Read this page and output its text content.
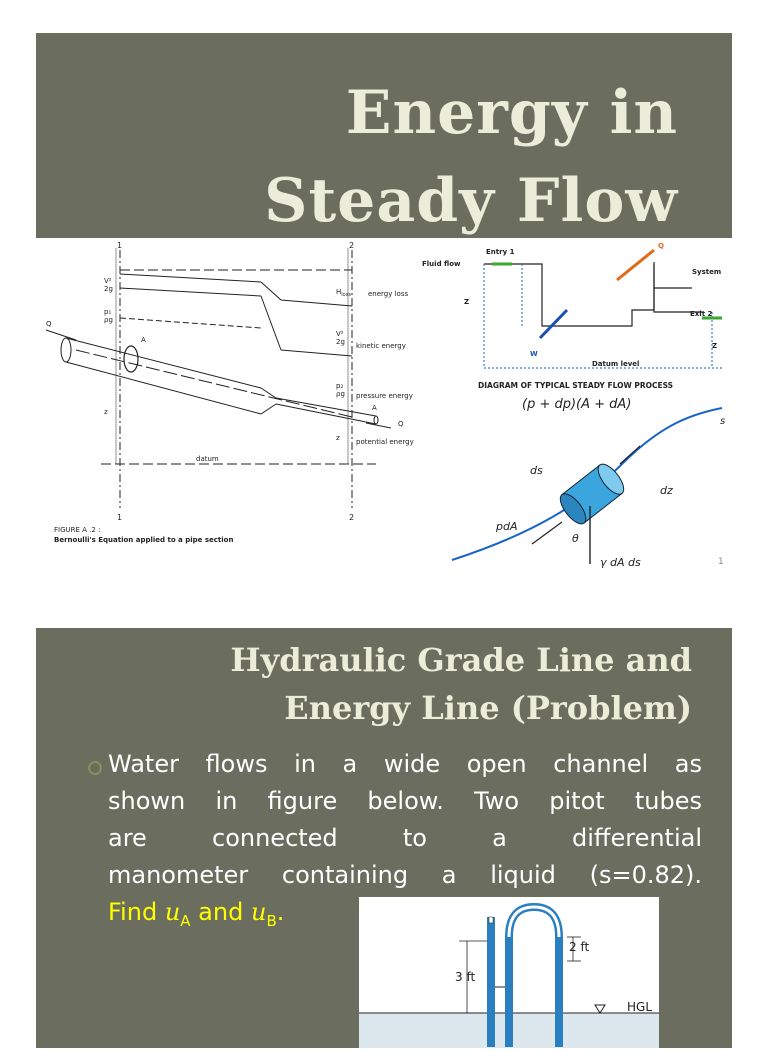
Energy in
Steady Flow
1	2
1	2
V²
2g
p₁
ρg
$H_{loss}$ energy loss
V²
2g kinetic energy
p₂
ρg pressure energy
z potential energy
z
datum
Q
A
A
Q
FIGURE A .2 :
Bernoulli's Equation applied to a pipe section
Fluid flow
Entry 1
Exit 2
System
Q
W
Z
Z
Datum level
DIAGRAM OF TYPICAL STEADY FLOW PROCESS
(p + dp)(A + dA)
s
ds
dz
pdA
θ
γ dA ds	1
Hydraulic Grade Line and
Energy Line (Problem)
Water flows in a wide open channel as
shown in figure below. Two pitot tubes
are connected to a differential
manometer containing a liquid (s=0.82).
Find $u_A$ and $u_B$.
2 ft
3 ft
HGL
